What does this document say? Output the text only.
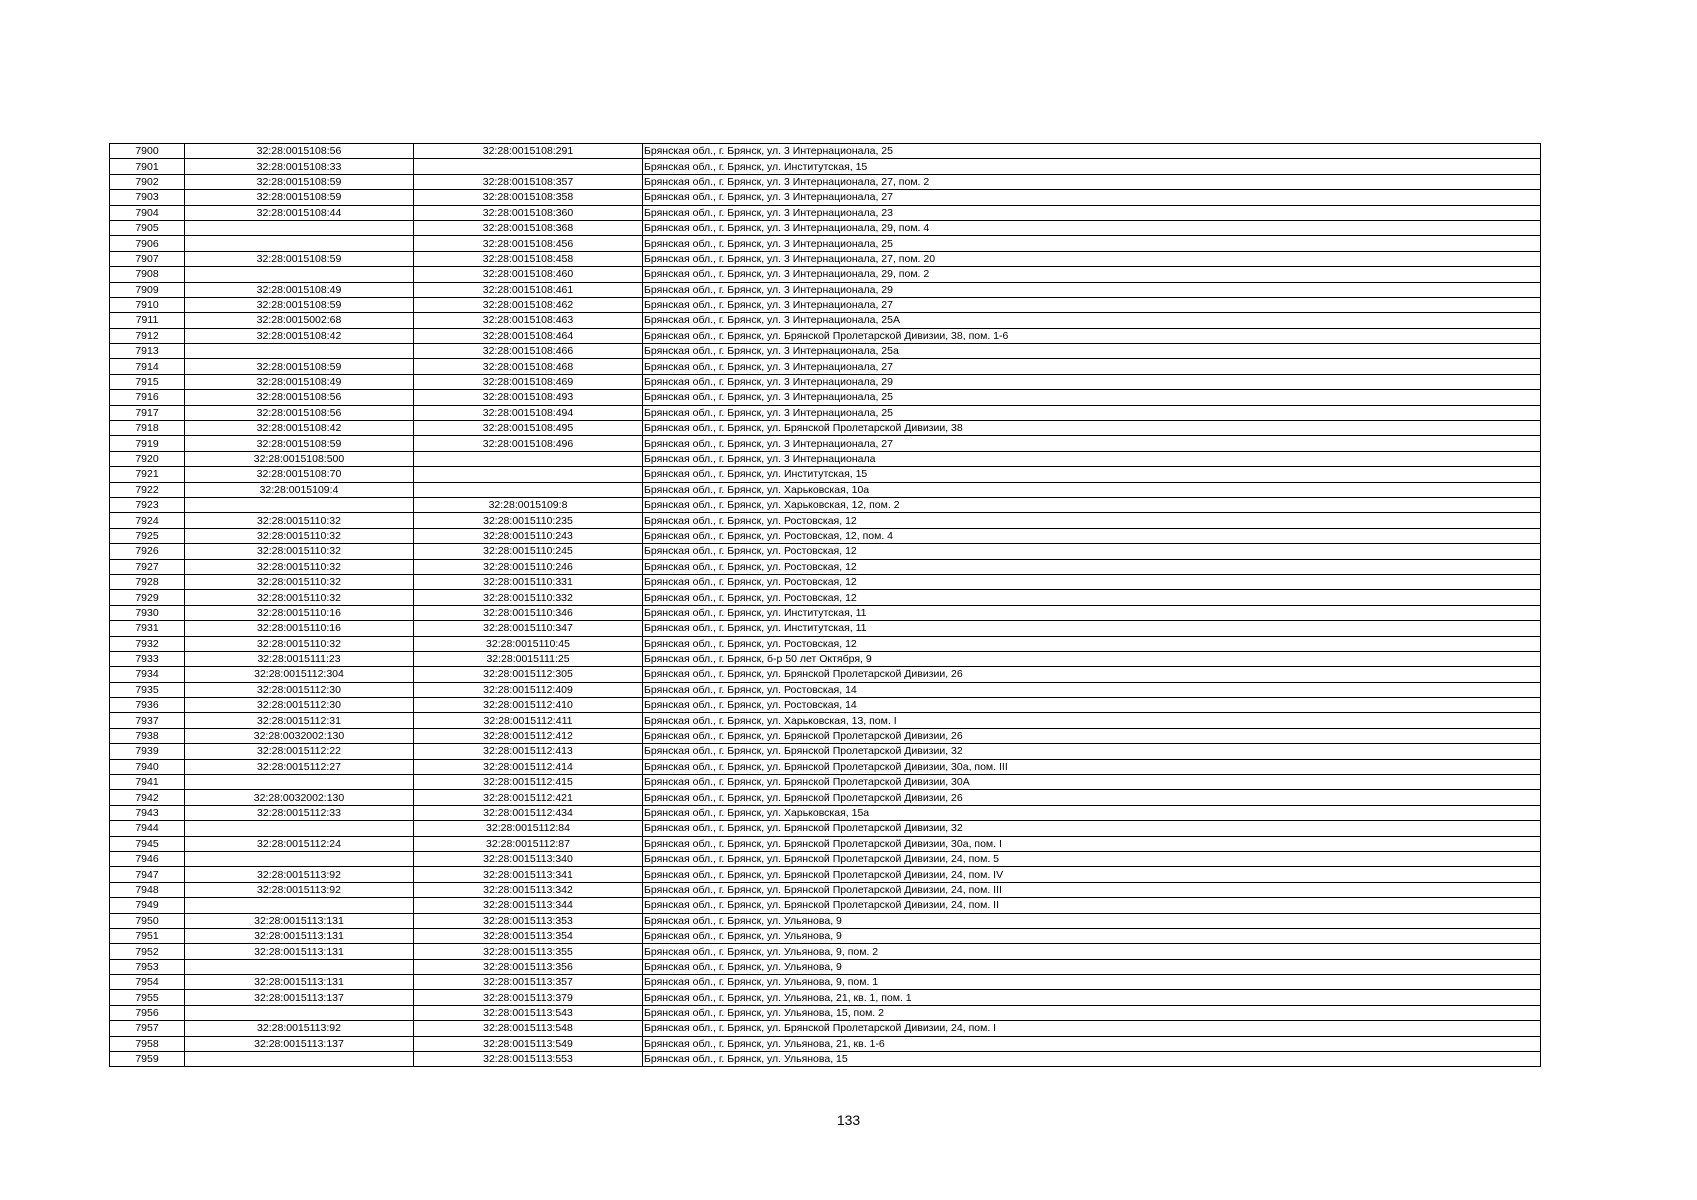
7900	32:28:0015108:56	32:28:0015108:291	Брянская обл., г. Брянск, ул. 3 Интернационала, 25
7901	32:28:0015108:33		Брянская обл., г. Брянск, ул. Институтская, 15
7902	32:28:0015108:59	32:28:0015108:357	Брянская обл., г. Брянск, ул. 3 Интернационала, 27, пом. 2
7903	32:28:0015108:59	32:28:0015108:358	Брянская обл., г. Брянск, ул. 3 Интернационала, 27
7904	32:28:0015108:44	32:28:0015108:360	Брянская обл., г. Брянск, ул. 3 Интернационала, 23
7905		32:28:0015108:368	Брянская обл., г. Брянск, ул. 3 Интернационала, 29, пом. 4
7906		32:28:0015108:456	Брянская обл., г. Брянск, ул. 3 Интернационала, 25
7907	32:28:0015108:59	32:28:0015108:458	Брянская обл., г. Брянск, ул. 3 Интернационала, 27, пом. 20
7908		32:28:0015108:460	Брянская обл., г. Брянск, ул. 3 Интернационала, 29, пом. 2
7909	32:28:0015108:49	32:28:0015108:461	Брянская обл., г. Брянск, ул. 3 Интернационала, 29
7910	32:28:0015108:59	32:28:0015108:462	Брянская обл., г. Брянск, ул. 3 Интернационала, 27
7911	32:28:0015002:68	32:28:0015108:463	Брянская обл., г. Брянск, ул. 3 Интернационала, 25А
7912	32:28:0015108:42	32:28:0015108:464	Брянская обл., г. Брянск, ул. Брянской Пролетарской Дивизии, 38, пом. 1-6
7913		32:28:0015108:466	Брянская обл., г. Брянск, ул. 3 Интернационала, 25а
7914	32:28:0015108:59	32:28:0015108:468	Брянская обл., г. Брянск, ул. 3 Интернационала, 27
7915	32:28:0015108:49	32:28:0015108:469	Брянская обл., г. Брянск, ул. 3 Интернационала, 29
7916	32:28:0015108:56	32:28:0015108:493	Брянская обл., г. Брянск, ул. 3 Интернационала, 25
7917	32:28:0015108:56	32:28:0015108:494	Брянская обл., г. Брянск, ул. 3 Интернационала, 25
7918	32:28:0015108:42	32:28:0015108:495	Брянская обл., г. Брянск, ул. Брянской Пролетарской Дивизии, 38
7919	32:28:0015108:59	32:28:0015108:496	Брянская обл., г. Брянск, ул. 3 Интернационала, 27
7920	32:28:0015108:500		Брянская обл., г. Брянск, ул. 3 Интернационала
7921	32:28:0015108:70		Брянская обл., г. Брянск, ул. Институтская, 15
7922	32:28:0015109:4		Брянская обл., г. Брянск, ул. Харьковская, 10а
7923		32:28:0015109:8	Брянская обл., г. Брянск, ул. Харьковская, 12, пом. 2
7924	32:28:0015110:32	32:28:0015110:235	Брянская обл., г. Брянск, ул. Ростовская, 12
7925	32:28:0015110:32	32:28:0015110:243	Брянская обл., г. Брянск, ул. Ростовская, 12, пом. 4
7926	32:28:0015110:32	32:28:0015110:245	Брянская обл., г. Брянск, ул. Ростовская, 12
7927	32:28:0015110:32	32:28:0015110:246	Брянская обл., г. Брянск, ул. Ростовская, 12
7928	32:28:0015110:32	32:28:0015110:331	Брянская обл., г. Брянск, ул. Ростовская, 12
7929	32:28:0015110:32	32:28:0015110:332	Брянская обл., г. Брянск, ул. Ростовская, 12
7930	32:28:0015110:16	32:28:0015110:346	Брянская обл., г. Брянск, ул. Институтская, 11
7931	32:28:0015110:16	32:28:0015110:347	Брянская обл., г. Брянск, ул. Институтская, 11
7932	32:28:0015110:32	32:28:0015110:45	Брянская обл., г. Брянск, ул. Ростовская, 12
7933	32:28:0015111:23	32:28:0015111:25	Брянская обл., г. Брянск, б-р 50 лет Октября, 9
7934	32:28:0015112:304	32:28:0015112:305	Брянская обл., г. Брянск, ул. Брянской Пролетарской Дивизии, 26
7935	32:28:0015112:30	32:28:0015112:409	Брянская обл., г. Брянск, ул. Ростовская, 14
7936	32:28:0015112:30	32:28:0015112:410	Брянская обл., г. Брянск, ул. Ростовская, 14
7937	32:28:0015112:31	32:28:0015112:411	Брянская обл., г. Брянск, ул. Харьковская, 13, пом. I
7938	32:28:0032002:130	32:28:0015112:412	Брянская обл., г. Брянск, ул. Брянской Пролетарской Дивизии, 26
7939	32:28:0015112:22	32:28:0015112:413	Брянская обл., г. Брянск, ул. Брянской Пролетарской Дивизии, 32
7940	32:28:0015112:27	32:28:0015112:414	Брянская обл., г. Брянск, ул. Брянской Пролетарской Дивизии, 30а, пом. III
7941		32:28:0015112:415	Брянская обл., г. Брянск, ул. Брянской Пролетарской Дивизии, 30А
7942	32:28:0032002:130	32:28:0015112:421	Брянская обл., г. Брянск, ул. Брянской Пролетарской Дивизии, 26
7943	32:28:0015112:33	32:28:0015112:434	Брянская обл., г. Брянск, ул. Харьковская, 15а
7944		32:28:0015112:84	Брянская обл., г. Брянск, ул. Брянской Пролетарской Дивизии, 32
7945	32:28:0015112:24	32:28:0015112:87	Брянская обл., г. Брянск, ул. Брянской Пролетарской Дивизии, 30а, пом. I
7946		32:28:0015113:340	Брянская обл., г. Брянск, ул. Брянской Пролетарской Дивизии, 24, пом. 5
7947	32:28:0015113:92	32:28:0015113:341	Брянская обл., г. Брянск, ул. Брянской Пролетарской Дивизии, 24, пом. IV
7948	32:28:0015113:92	32:28:0015113:342	Брянская обл., г. Брянск, ул. Брянской Пролетарской Дивизии, 24, пом. III
7949		32:28:0015113:344	Брянская обл., г. Брянск, ул. Брянской Пролетарской Дивизии, 24, пом. II
7950	32:28:0015113:131	32:28:0015113:353	Брянская обл., г. Брянск, ул. Ульянова, 9
7951	32:28:0015113:131	32:28:0015113:354	Брянская обл., г. Брянск, ул. Ульянова, 9
7952	32:28:0015113:131	32:28:0015113:355	Брянская обл., г. Брянск, ул. Ульянова, 9, пом. 2
7953		32:28:0015113:356	Брянская обл., г. Брянск, ул. Ульянова, 9
7954	32:28:0015113:131	32:28:0015113:357	Брянская обл., г. Брянск, ул. Ульянова, 9, пом. 1
7955	32:28:0015113:137	32:28:0015113:379	Брянская обл., г. Брянск, ул. Ульянова, 21, кв. 1, пом. 1
7956		32:28:0015113:543	Брянская обл., г. Брянск, ул. Ульянова, 15, пом. 2
7957	32:28:0015113:92	32:28:0015113:548	Брянская обл., г. Брянск, ул. Брянской Пролетарской Дивизии, 24, пом. I
7958	32:28:0015113:137	32:28:0015113:549	Брянская обл., г. Брянск, ул. Ульянова, 21, кв. 1-6
7959		32:28:0015113:553	Брянская обл., г. Брянск, ул. Ульянова, 15
133
